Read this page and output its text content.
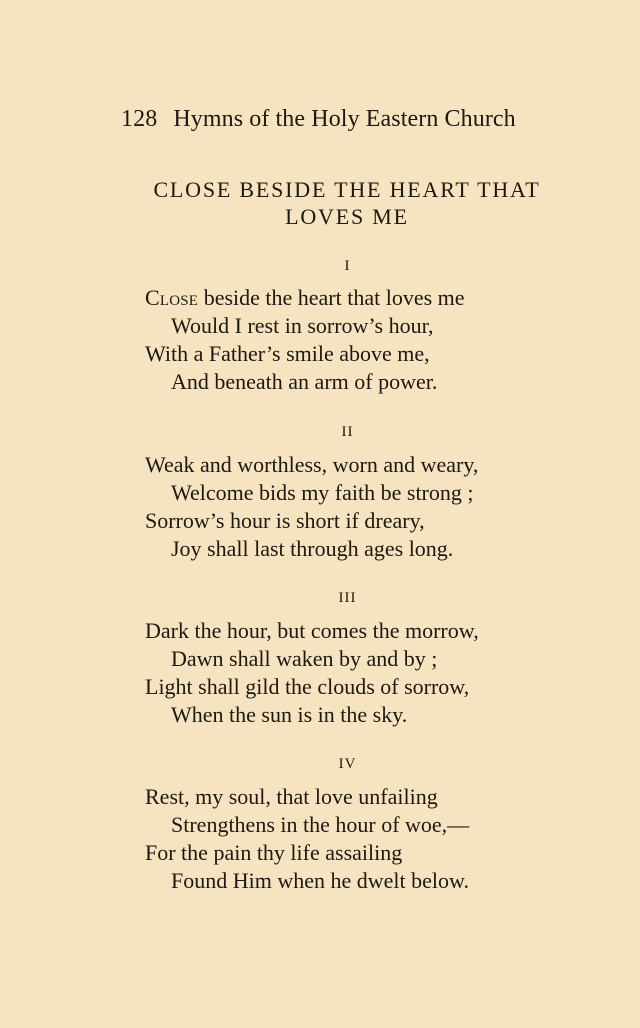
128 Hymns of the Holy Eastern Church
CLOSE BESIDE THE HEART THAT
LOVES ME
I
Close beside the heart that loves me
Would I rest in sorrow’s hour,
With a Father’s smile above me,
And beneath an arm of power.
II
Weak and worthless, worn and weary,
Welcome bids my faith be strong ;
Sorrow’s hour is short if dreary,
Joy shall last through ages long.
III
Dark the hour, but comes the morrow,
Dawn shall waken by and by ;
Light shall gild the clouds of sorrow,
When the sun is in the sky.
IV
Rest, my soul, that love unfailing
Strengthens in the hour of woe,—
For the pain thy life assailing
Found Him when he dwelt below.
